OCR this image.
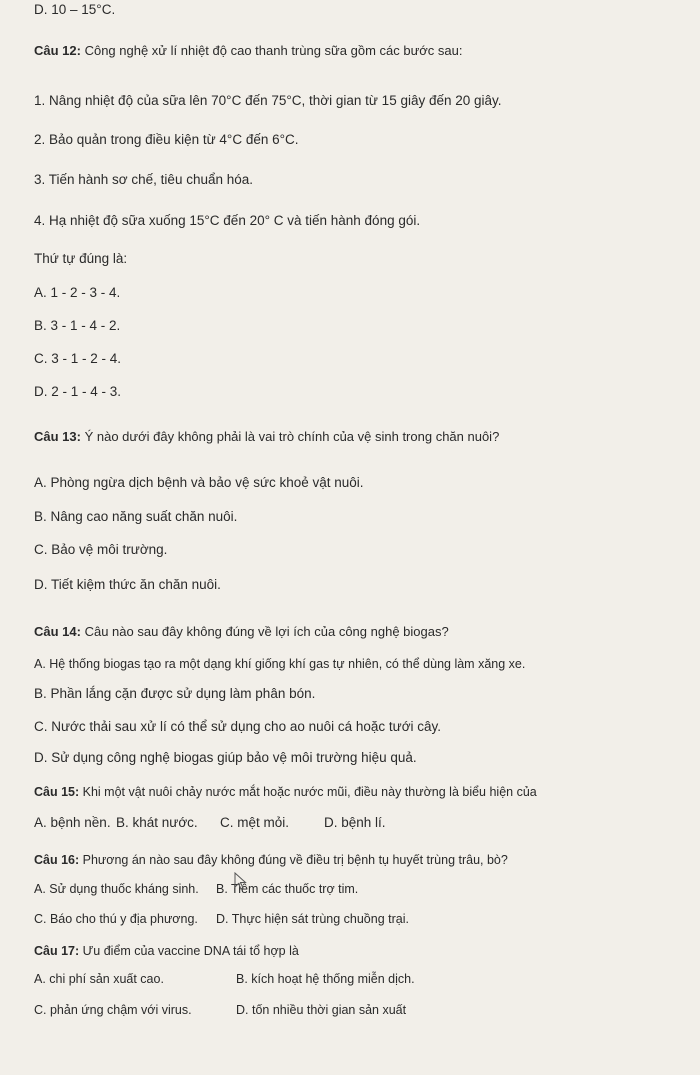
D. 10 – 15°C.
Câu 12: Công nghệ xử lí nhiệt độ cao thanh trùng sữa gồm các bước sau:
1. Nâng nhiệt độ của sữa lên 70°C đến 75°C, thời gian từ 15 giây đến 20 giây.
2. Bảo quản trong điều kiện từ 4°C đến 6°C.
3. Tiến hành sơ chế, tiêu chuẩn hóa.
4. Hạ nhiệt độ sữa xuống 15°C đến 20° C và tiến hành đóng gói.
Thứ tự đúng là:
A. 1 - 2 - 3 - 4.
B. 3 - 1 - 4 - 2.
C. 3 - 1 - 2 - 4.
D. 2 - 1 - 4 - 3.
Câu 13: Ý nào dưới đây không phải là vai trò chính của vệ sinh trong chăn nuôi?
A. Phòng ngừa dịch bệnh và bảo vệ sức khoẻ vật nuôi.
B. Nâng cao năng suất chăn nuôi.
C. Bảo vệ môi trường.
D. Tiết kiệm thức ăn chăn nuôi.
Câu 14: Câu nào sau đây không đúng về lợi ích của công nghệ biogas?
A. Hệ thống biogas tạo ra một dạng khí giống khí gas tự nhiên, có thể dùng làm xăng xe.
B. Phần lắng cặn được sử dụng làm phân bón.
C. Nước thải sau xử lí có thể sử dụng cho ao nuôi cá hoặc tưới cây.
D. Sử dụng công nghệ biogas giúp bảo vệ môi trường hiệu quả.
Câu 15: Khi một vật nuôi chảy nước mắt hoặc nước mũi, điều này thường là biểu hiện của
A. bệnh nền. B. khát nước. C. mệt mỏi.	D. bệnh lí.
Câu 16: Phương án nào sau đây không đúng về điều trị bệnh tụ huyết trùng trâu, bò?
A. Sử dụng thuốc kháng sinh. B. Tiêm các thuốc trợ tim.
C. Báo cho thú y địa phương. D. Thực hiện sát trùng chuồng trại.
Câu 17: Ưu điểm của vaccine DNA tái tổ hợp là
A. chi phí sản xuất cao.	B. kích hoạt hệ thống miễn dịch.
C. phản ứng chậm với virus.	D. tốn nhiều thời gian sản xuất
